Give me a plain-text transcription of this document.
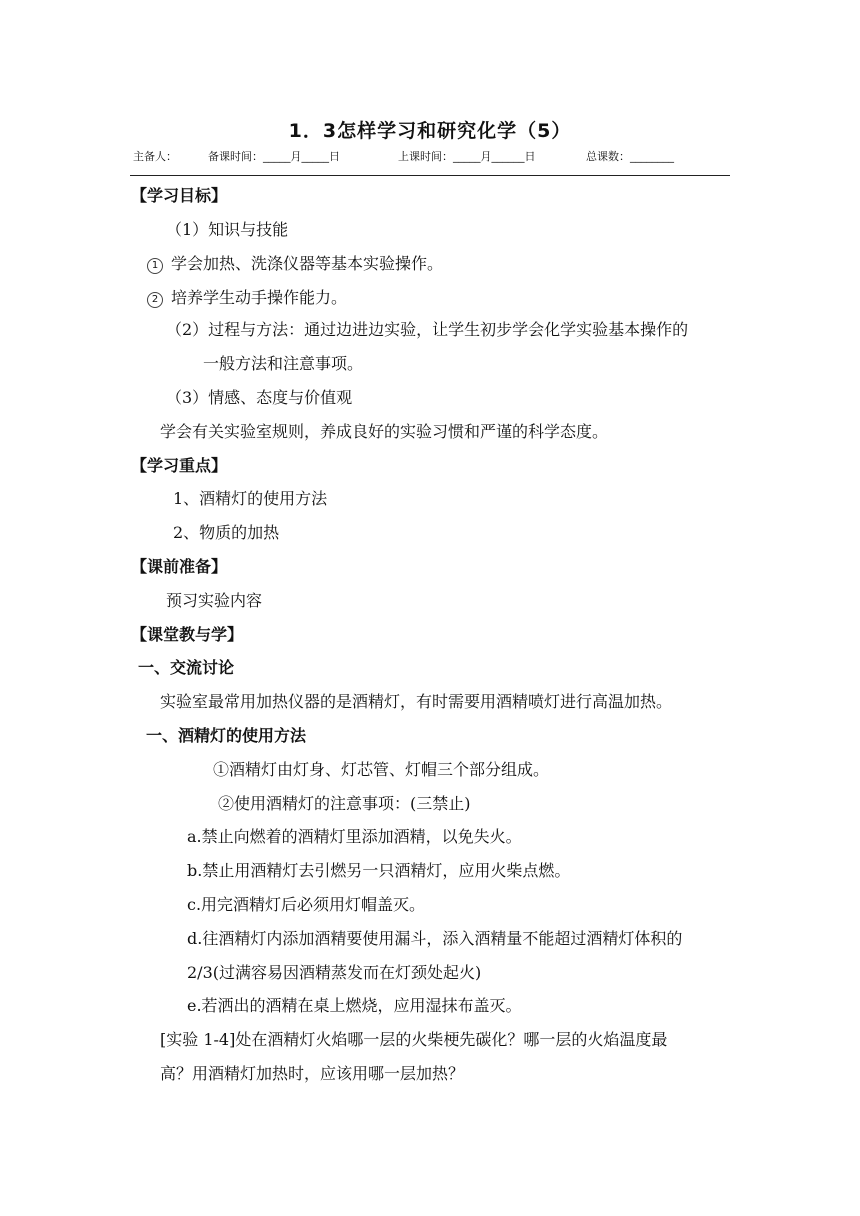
1．3怎样学习和研究化学（5）
主备人：	备课时间：_____月_____日	上课时间：_____月______日	总课数：________
【学习目标】
（1）知识与技能
1 学会加热、洗涤仪器等基本实验操作。
2 培养学生动手操作能力。
（2）过程与方法：通过边进边实验，让学生初步学会化学实验基本操作的
一般方法和注意事项。
（3）情感、态度与价值观
学会有关实验室规则，养成良好的实验习惯和严谨的科学态度。
【学习重点】
1、酒精灯的使用方法
2、物质的加热
【课前准备】
预习实验内容
【课堂教与学】
一、交流讨论
实验室最常用加热仪器的是酒精灯，有时需要用酒精喷灯进行高温加热。
一、酒精灯的使用方法
①酒精灯由灯身、灯芯管、灯帽三个部分组成。
②使用酒精灯的注意事项：(三禁止)
a.禁止向燃着的酒精灯里添加酒精，以免失火。
b.禁止用酒精灯去引燃另一只酒精灯，应用火柴点燃。
c.用完酒精灯后必须用灯帽盖灭。
d.往酒精灯内添加酒精要使用漏斗，添入酒精量不能超过酒精灯体积的
2/3(过满容易因酒精蒸发而在灯颈处起火)
e.若洒出的酒精在桌上燃烧，应用湿抹布盖灭。
[实验 1-4]处在酒精灯火焰哪一层的火柴梗先碳化？哪一层的火焰温度最
高？用酒精灯加热时，应该用哪一层加热？
